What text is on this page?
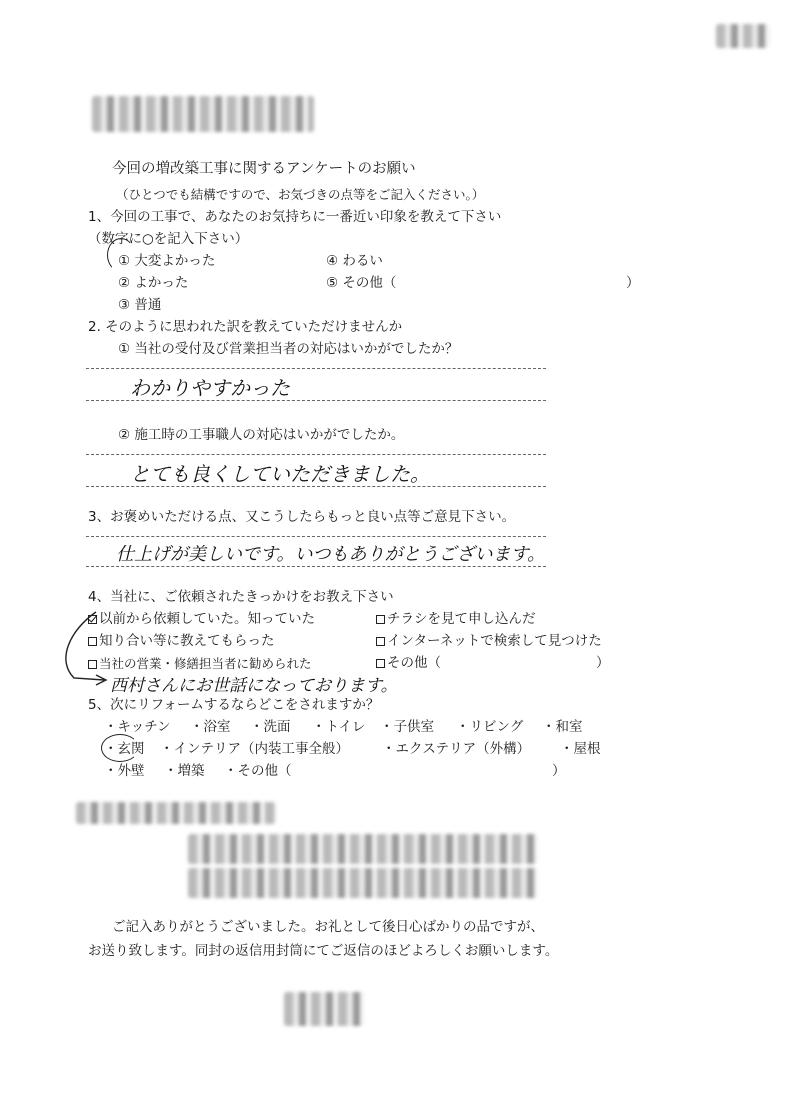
今回の増改築工事に関するアンケートのお願い
（ひとつでも結構ですので、お気づきの点等をご記入ください。）
1、今回の工事で、あなたのお気持ちに一番近い印象を教えて下さい
（数字に○を記入下さい）
① 大変よかった
② よかった
③ 普通
④ わるい
⑤ その他（	）
2. そのように思われた訳を教えていただけませんか
① 当社の受付及び営業担当者の対応はいかがでしたか？
わかりやすかった
② 施工時の工事職人の対応はいかがでしたか。
とても良くしていただきました。
3、お褒めいただける点、又こうしたらもっと良い点等ご意見下さい。
仕上げが美しいです。いつもありがとうございます。
4、当社に、ご依頼されたきっかけをお教え下さい
以前から依頼していた。知っていた	チラシを見て申し込んだ
知り合い等に教えてもらった	インターネットで検索して見つけた
当社の営業・修繕担当者に勧められた	その他（	）
西村さんにお世話になっております。
5、次にリフォームするならどこをされますか？
・キッチン ・浴室 ・洗面 ・トイレ ・子供室 ・リビング ・和室
・玄関 ・インテリア（内装工事全般） ・エクステリア（外構） ・屋根
・外壁 ・増築 ・その他（	）
ご記入ありがとうございました。お礼として後日心ばかりの品ですが、
お送り致します。同封の返信用封筒にてご返信のほどよろしくお願いします。
